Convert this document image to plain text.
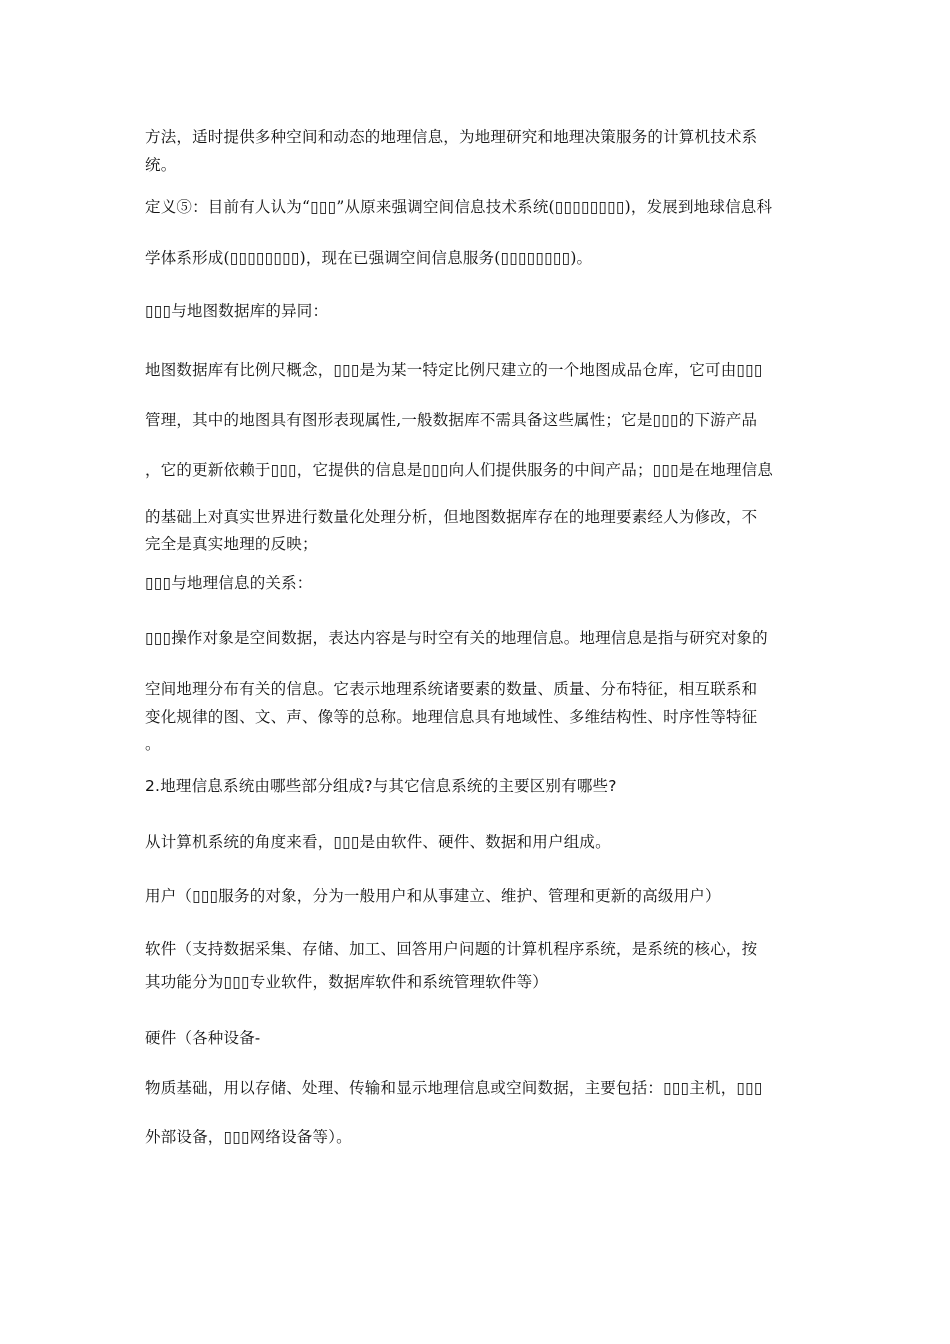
方法，适时提供多种空间和动态的地理信息，为地理研究和地理决策服务的计算机技术系
统。
定义⑤：目前有人认为“▯▯▯”从原来强调空间信息技术系统(▯▯▯▯▯▯▯▯)，发展到地球信息科
学体系形成(▯▯▯▯▯▯▯▯)，现在已强调空间信息服务(▯▯▯▯▯▯▯▯)。
▯▯▯与地图数据库的异同：
地图数据库有比例尺概念，▯▯▯是为某一特定比例尺建立的一个地图成品仓库，它可由▯▯▯
管理，其中的地图具有图形表现属性,一般数据库不需具备这些属性；它是▯▯▯的下游产品
，它的更新依赖于▯▯▯，它提供的信息是▯▯▯向人们提供服务的中间产品；▯▯▯是在地理信息
的基础上对真实世界进行数量化处理分析，但地图数据库存在的地理要素经人为修改，不
完全是真实地理的反映；
▯▯▯与地理信息的关系：
▯▯▯操作对象是空间数据，表达内容是与时空有关的地理信息。地理信息是指与研究对象的
空间地理分布有关的信息。它表示地理系统诸要素的数量、质量、分布特征，相互联系和
变化规律的图、文、声、像等的总称。地理信息具有地域性、多维结构性、时序性等特征
。
2.地理信息系统由哪些部分组成?与其它信息系统的主要区别有哪些?
从计算机系统的角度来看，▯▯▯是由软件、硬件、数据和用户组成。
用户（▯▯▯服务的对象，分为一般用户和从事建立、维护、管理和更新的高级用户）
软件（支持数据采集、存储、加工、回答用户问题的计算机程序系统，是系统的核心，按
其功能分为▯▯▯专业软件，数据库软件和系统管理软件等）
硬件（各种设备-
物质基础，用以存储、处理、传输和显示地理信息或空间数据，主要包括：▯▯▯主机，▯▯▯
外部设备，▯▯▯网络设备等）。
